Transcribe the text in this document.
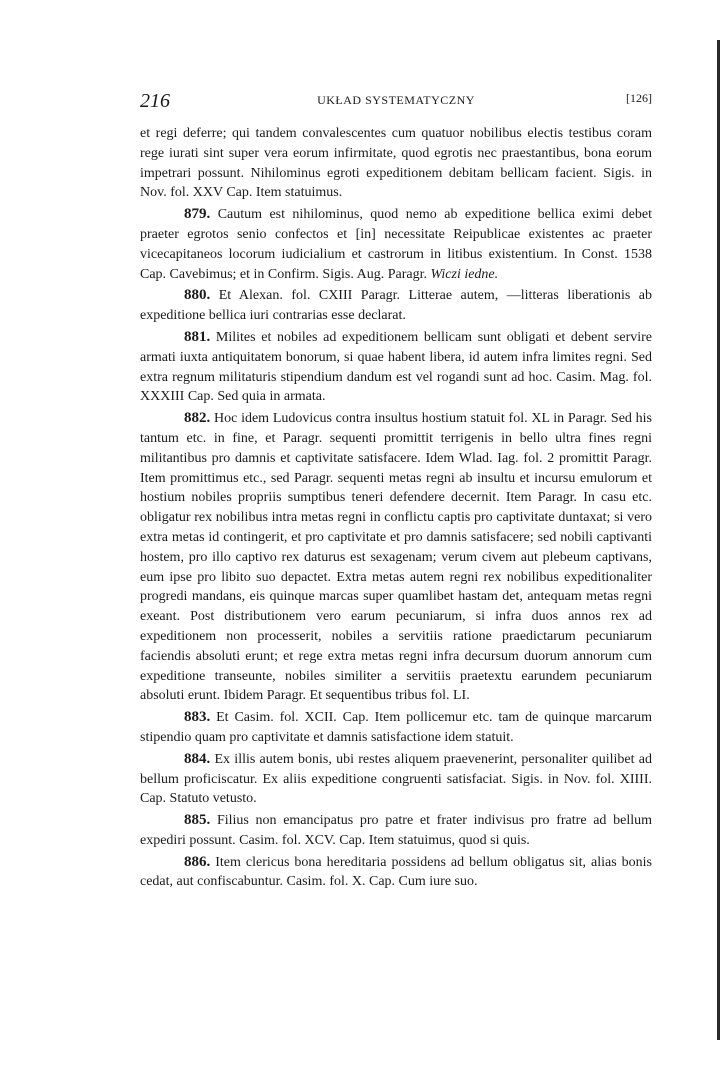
216	UKŁAD SYSTEMATYCZNY	[126]

et regi deferre; qui tandem convalescentes cum quatuor nobilibus electis testibus coram rege iurati sint super vera eorum infirmitate, quod egrotis nec praestantibus, bona eorum impetrari possunt. Nihilominus egroti expeditionem debitam bellicam facient. Sigis. in Nov. fol. XXV Cap. Item statuimus.

879. Cautum est nihilominus, quod nemo ab expeditione bellica eximi debet praeter egrotos senio confectos et [in] necessitate Reipublicae existentes ac praeter vicecapitaneos locorum iudicialium et castrorum in litibus existentium. In Const. 1538 Cap. Cavebimus; et in Confirm. Sigis. Aug. Paragr. Wiczi iedne.

880. Et Alexan. fol. CXIII Paragr. Litterae autem, —litteras liberationis ab expeditione bellica iuri contrarias esse declarat.

881. Milites et nobiles ad expeditionem bellicam sunt obligati et debent servire armati iuxta antiquitatem bonorum, si quae habent libera, id autem infra limites regni. Sed extra regnum militaturis stipendium dandum est vel rogandi sunt ad hoc. Casim. Mag. fol. XXXIII Cap. Sed quia in armata.

882. Hoc idem Ludovicus contra insultus hostium statuit fol. XL in Paragr. Sed his tantum etc. in fine, et Paragr. sequenti promittit terrigenis in bello ultra fines regni militantibus pro damnis et captivitate satisfacere. Idem Wlad. Iag. fol. 2 promittit Paragr. Item promittimus etc., sed Paragr. sequenti metas regni ab insultu et incursu emulorum et hostium nobiles propriis sumptibus teneri defendere decernit. Item Paragr. In casu etc. obligatur rex nobilibus intra metas regni in conflictu captis pro captivitate duntaxat; si vero extra metas id contingerit, et pro captivitate et pro damnis satisfacere; sed nobili captivanti hostem, pro illo captivo rex daturus est sexagenam; verum civem aut plebeum captivans, eum ipse pro libito suo depactet. Extra metas autem regni rex nobilibus expeditionaliter progredi mandans, eis quinque marcas super quamlibet hastam det, antequam metas regni exeant. Post distributionem vero earum pecuniarum, si infra duos annos rex ad expeditionem non processerit, nobiles a servitiis ratione praedictarum pecuniarum faciendis absoluti erunt; et rege extra metas regni infra decursum duorum annorum cum expeditione transeunte, nobiles similiter a servitiis praetextu earundem pecuniarum absoluti erunt. Ibidem Paragr. Et sequentibus tribus fol. LI.

883. Et Casim. fol. XCII. Cap. Item pollicemur etc. tam de quinque marcarum stipendio quam pro captivitate et damnis satisfactione idem statuit.

884. Ex illis autem bonis, ubi restes aliquem praevenerint, personaliter quilibet ad bellum proficiscatur. Ex aliis expeditione congruenti satisfaciat. Sigis. in Nov. fol. XIIII. Cap. Statuto vetusto.

885. Filius non emancipatus pro patre et frater indivisus pro fratre ad bellum expediri possunt. Casim. fol. XCV. Cap. Item statuimus, quod si quis.

886. Item clericus bona hereditaria possidens ad bellum obligatus sit, alias bonis cedat, aut confiscabuntur. Casim. fol. X. Cap. Cum iure suo.
